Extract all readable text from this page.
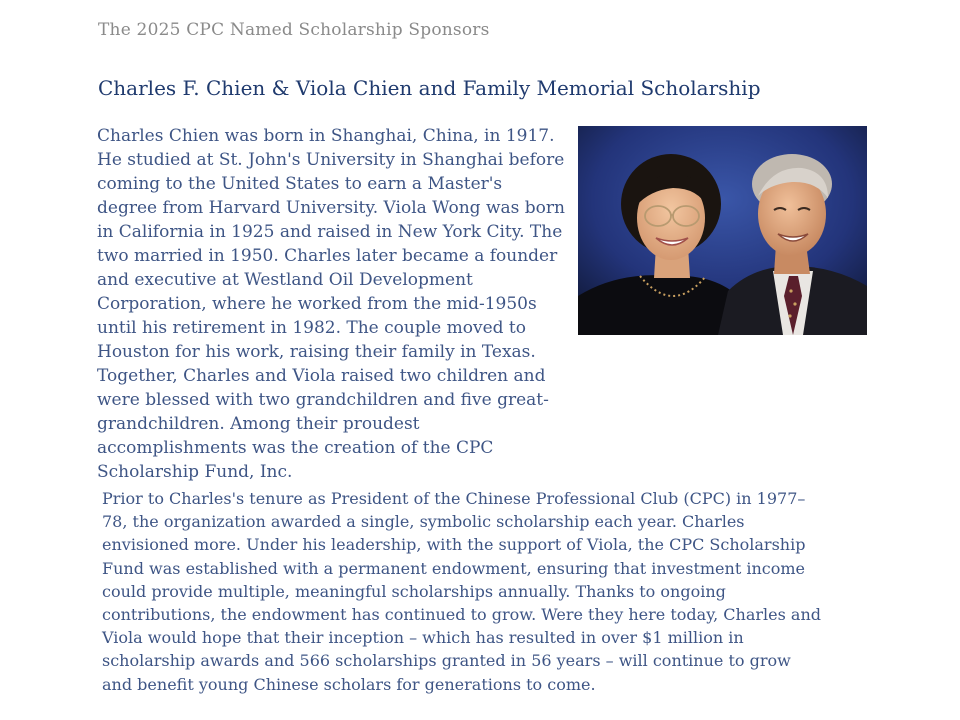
The 2025 CPC Named Scholarship Sponsors
Charles F. Chien & Viola Chien and Family Memorial Scholarship

Charles Chien was born in Shanghai, China, in 1917. He studied at St. John's University in Shanghai before coming to the United States to earn a Master's degree from Harvard University. Viola Wong was born in California in 1925 and raised in New York City. The two married in 1950. Charles later became a founder and executive at Westland Oil Development Corporation, where he worked from the mid-1950s until his retirement in 1982. The couple moved to Houston for his work, raising their family in Texas. Together, Charles and Viola raised two children and were blessed with two grandchildren and five great-grandchildren. Among their proudest accomplishments was the creation of the CPC Scholarship Fund, Inc.

Prior to Charles's tenure as President of the Chinese Professional Club (CPC) in 1977–78, the organization awarded a single, symbolic scholarship each year. Charles envisioned more. Under his leadership, with the support of Viola, the CPC Scholarship Fund was established with a permanent endowment, ensuring that investment income could provide multiple, meaningful scholarships annually. Thanks to ongoing contributions, the endowment has continued to grow. Were they here today, Charles and Viola would hope that their inception – which has resulted in over $1 million in scholarship awards and 566 scholarships granted in 56 years – will continue to grow and benefit young Chinese scholars for generations to come.
